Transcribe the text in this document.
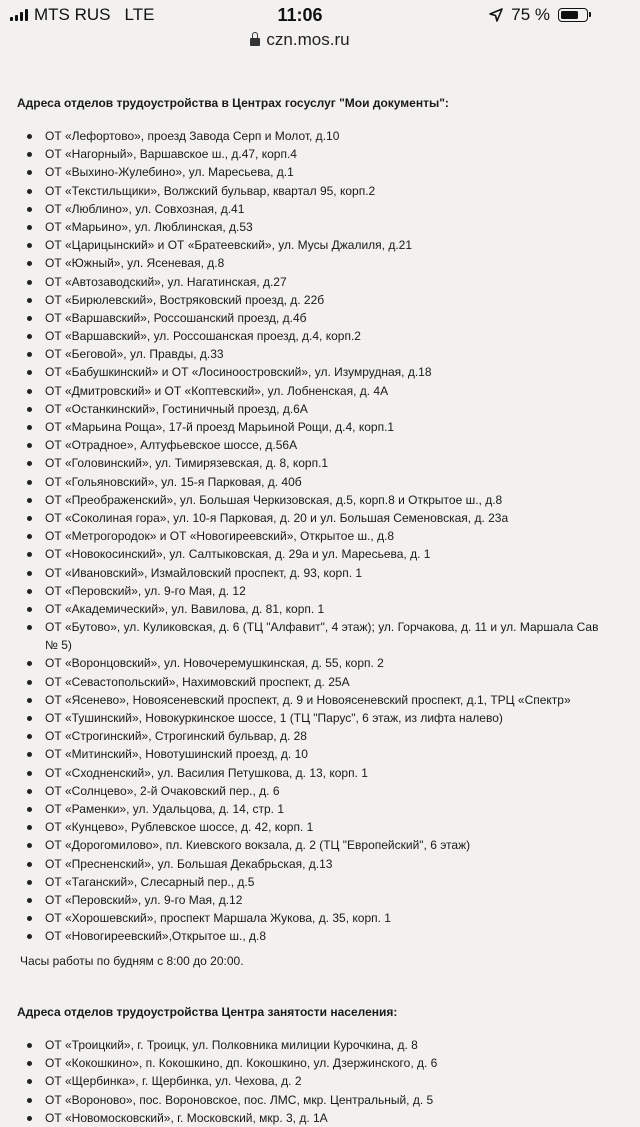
MTS RUS LTE	11:06	75 %
czn.mos.ru
Адреса отделов трудоустройства в Центрах госуслуг "Мои документы":
ОТ «Лефортово», проезд Завода Серп и Молот, д.10
ОТ «Нагорный», Варшавское ш., д.47, корп.4
ОТ «Выхино-Жулебино», ул. Маресьева, д.1
ОТ «Текстильщики», Волжский бульвар, квартал 95, корп.2
ОТ «Люблино», ул. Совхозная, д.41
ОТ «Марьино», ул. Люблинская, д.53
ОТ «Царицынский» и ОТ «Братеевский», ул. Мусы Джалиля, д.21
ОТ «Южный», ул. Ясеневая, д.8
ОТ «Автозаводский», ул. Нагатинская, д.27
ОТ «Бирюлевский», Востряковский проезд, д. 22б
ОТ «Варшавский», Россошанский проезд, д.4б
ОТ «Варшавский», ул. Россошанская проезд, д.4, корп.2
ОТ «Беговой», ул. Правды, д.33
ОТ «Бабушкинский» и ОТ «Лосиноостровский», ул. Изумрудная, д.18
ОТ «Дмитровский» и ОТ «Коптевский», ул. Лобненская, д. 4А
ОТ «Останкинский», Гостиничный проезд, д.6А
ОТ «Марьина Роща», 17-й проезд Марьиной Рощи, д.4, корп.1
ОТ «Отрадное», Алтуфьевское шоссе, д.56А
ОТ «Головинский», ул. Тимирязевская, д. 8, корп.1
ОТ «Гольяновский», ул. 15-я Парковая, д. 40б
ОТ «Преображенский», ул. Большая Черкизовская, д.5, корп.8 и Открытое ш., д.8
ОТ «Соколиная гора», ул. 10-я Парковая, д. 20 и ул. Большая Семеновская, д. 23а
ОТ «Метрогородок» и ОТ «Новогиреевский», Открытое ш., д.8
ОТ «Новокосинский», ул. Салтыковская, д. 29а и ул. Маресьева, д. 1
ОТ «Ивановский», Измайловский проспект, д. 93, корп. 1
ОТ «Перовский», ул. 9-го Мая, д. 12
ОТ «Академический», ул. Вавилова, д. 81, корп. 1
ОТ «Бутово», ул. Куликовская, д. 6 (ТЦ "Алфавит", 4 этаж); ул. Горчакова, д. 11 и ул. Маршала Сав
№ 5)
ОТ «Воронцовский», ул. Новочеремушкинская, д. 55, корп. 2
ОТ «Севастопольский», Нахимовский проспект, д. 25А
ОТ «Ясенево», Новоясеневский проспект, д. 9 и Новоясеневский проспект, д.1, ТРЦ «Спектр»
ОТ «Тушинский», Новокуркинское шоссе, 1 (ТЦ "Парус", 6 этаж, из лифта налево)
ОТ «Строгинский», Строгинский бульвар, д. 28
ОТ «Митинский», Новотушинский проезд, д. 10
ОТ «Сходненский», ул. Василия Петушкова, д. 13, корп. 1
ОТ «Солнцево», 2-й Очаковский пер., д. 6
ОТ «Раменки», ул. Удальцова, д. 14, стр. 1
ОТ «Кунцево», Рублевское шоссе, д. 42, корп. 1
ОТ «Дорогомилово», пл. Киевского вокзала, д. 2 (ТЦ "Европейский", 6 этаж)
ОТ «Пресненский», ул. Большая Декабрьская, д.13
ОТ «Таганский», Слесарный пер., д.5
ОТ «Перовский», ул. 9-го Мая, д.12
ОТ «Хорошевский», проспект Маршала Жукова, д. 35, корп. 1
ОТ «Новогиреевский»,Открытое ш., д.8
Часы работы по будням с 8:00 до 20:00.
Адреса отделов трудоустройства Центра занятости населения:
ОТ «Троицкий», г. Троицк, ул. Полковника милиции Курочкина, д. 8
ОТ «Кокошкино», п. Кокошкино, дп. Кокошкино, ул. Дзержинского, д. 6
ОТ «Щербинка», г. Щербинка, ул. Чехова, д. 2
ОТ «Вороново», пос. Вороновское, пос. ЛМС, мкр. Центральный, д. 5
ОТ «Новомосковский», г. Московский, мкр. 3, д. 1А
